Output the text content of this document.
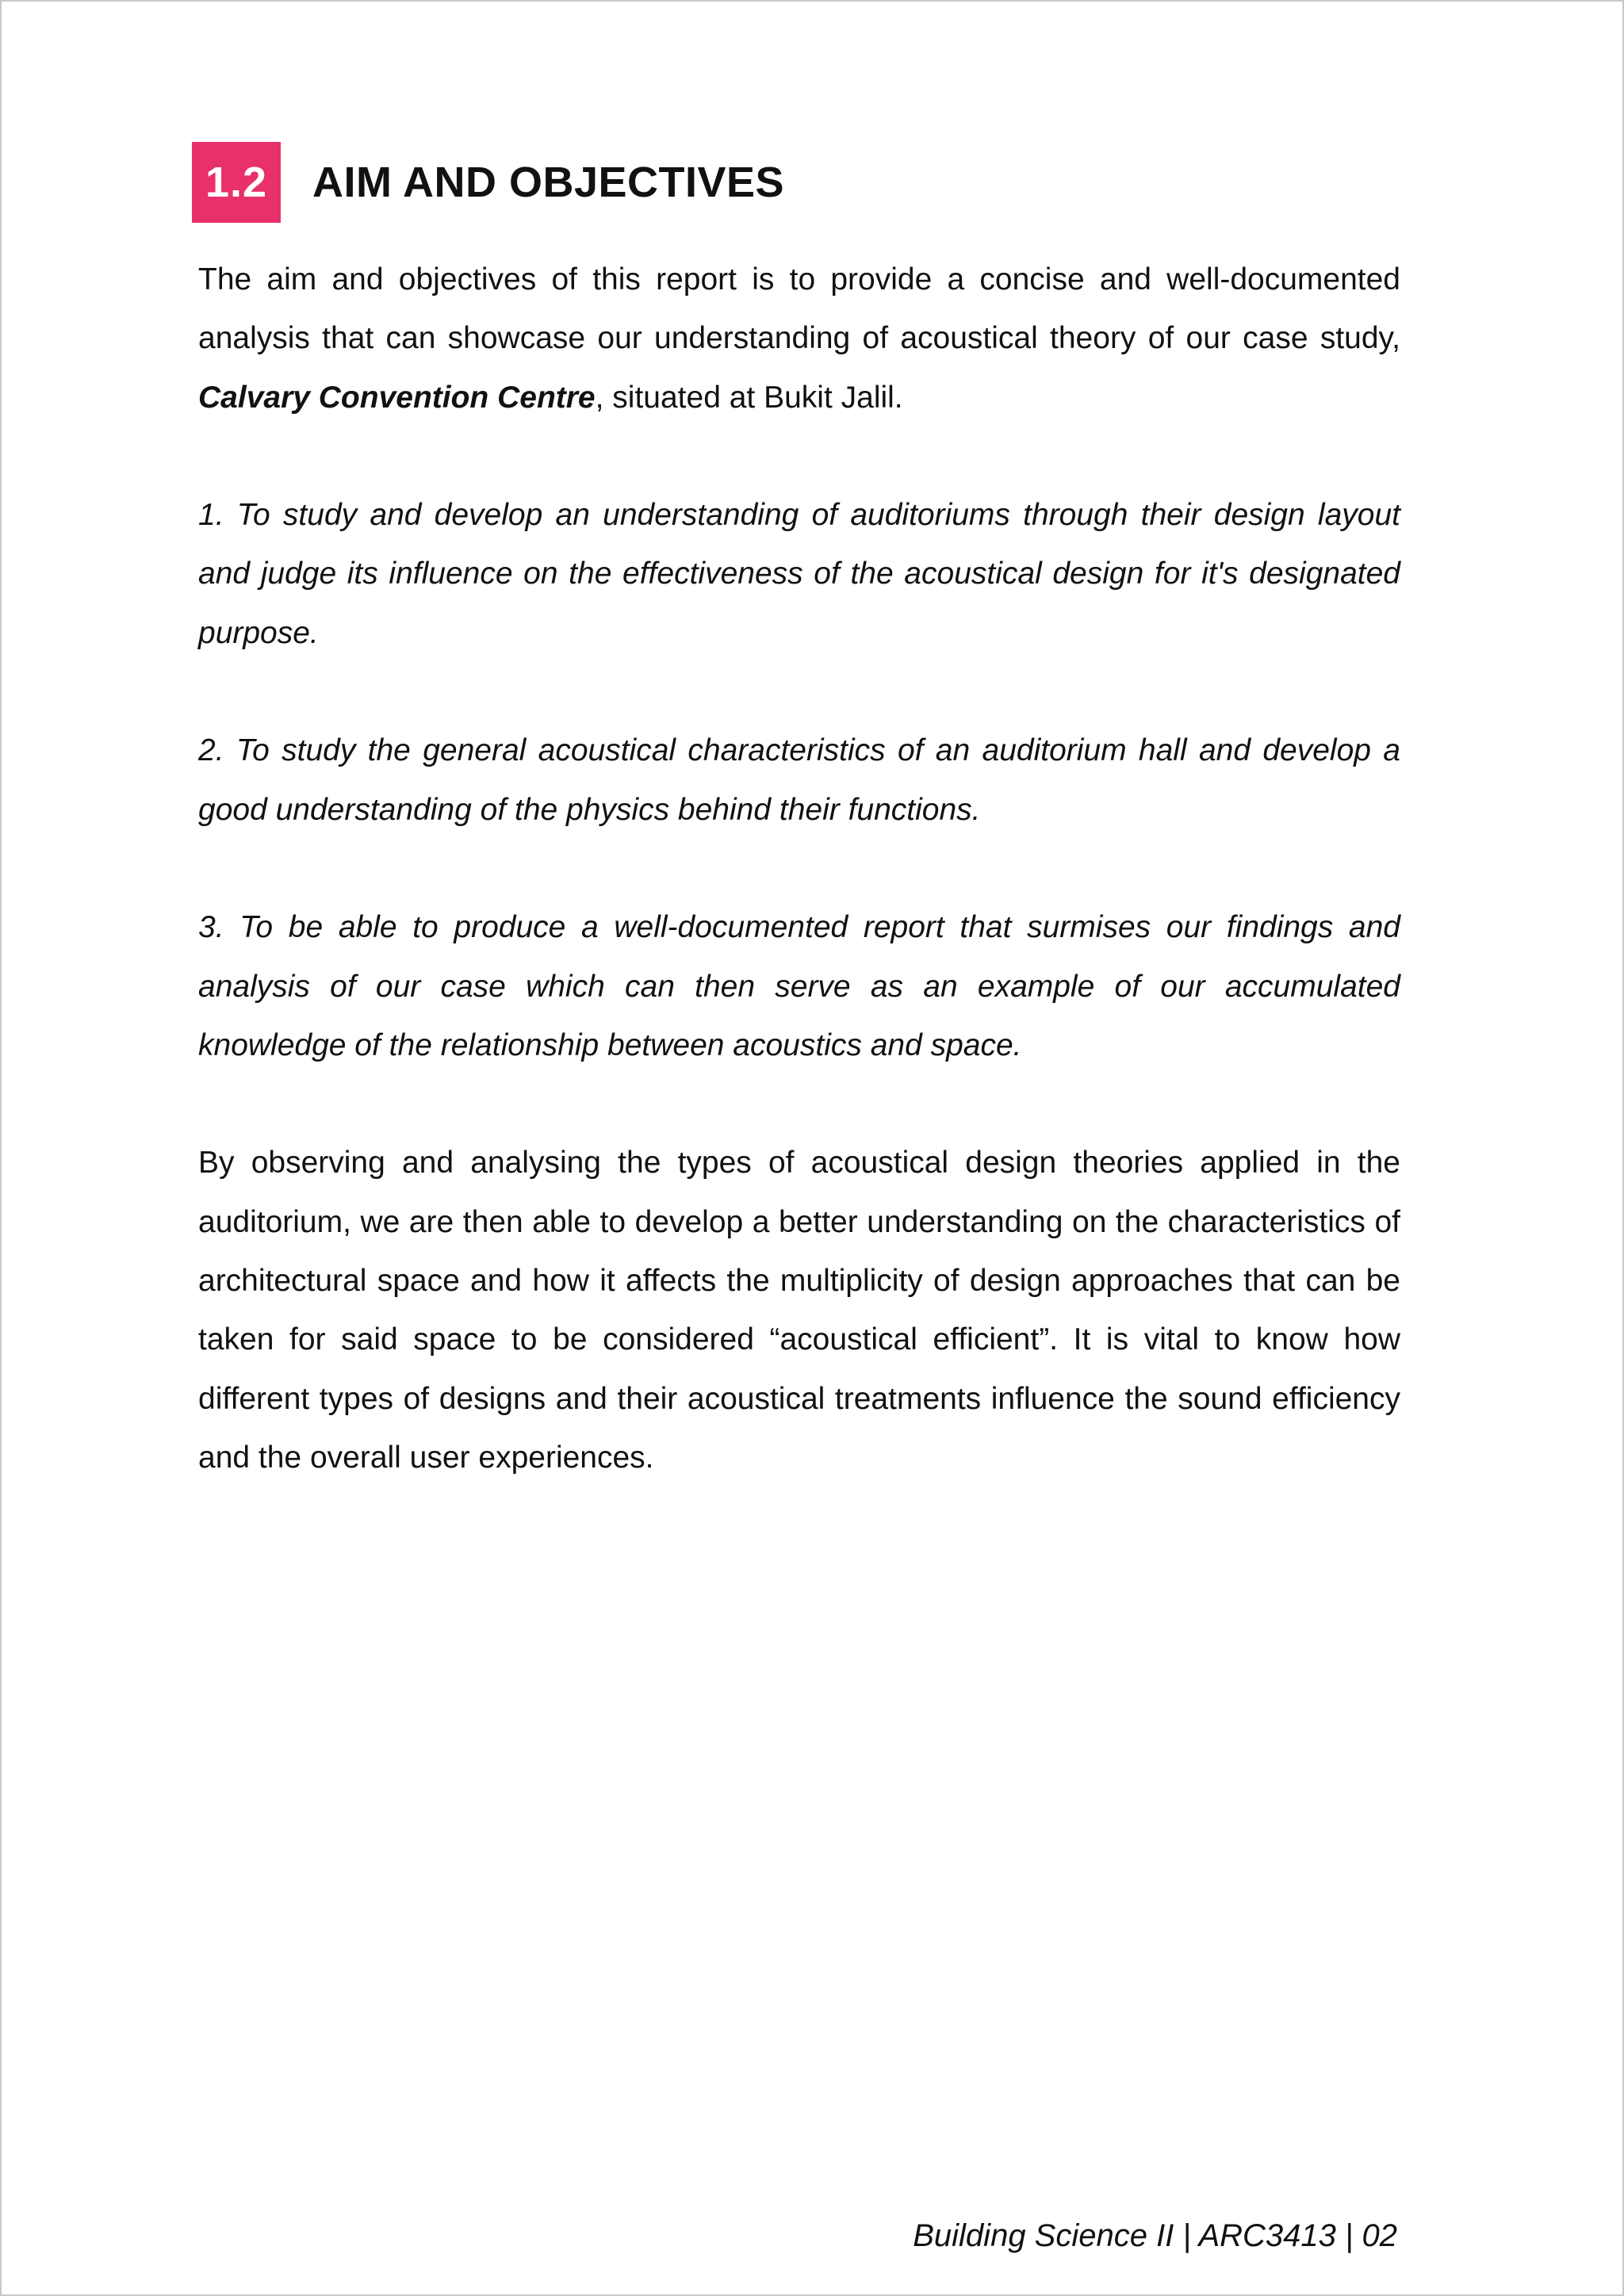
1.2	AIM AND OBJECTIVES

The aim and objectives of this report is to provide a concise and well-documented analysis that can showcase our understanding of acoustical theory of our case study, Calvary Convention Centre, situated at Bukit Jalil.

1. To study and develop an understanding of auditoriums through their design layout and judge its influence on the effectiveness of the acoustical design for it's designated purpose.

2. To study the general acoustical characteristics of an auditorium hall and develop a good understanding of the physics behind their functions.

3. To be able to produce a well-documented report that surmises our findings and analysis of our case which can then serve as an example of our accumulated knowledge of the relationship between acoustics and space.

By observing and analysing the types of acoustical design theories applied in the auditorium, we are then able to develop a better understanding on the characteristics of architectural space and how it affects the multiplicity of design approaches that can be taken for said space to be considered “acoustical efficient”. It is vital to know how different types of designs and their acoustical treatments influence the sound efficiency and the overall user experiences.

Building Science II | ARC3413 | 02
